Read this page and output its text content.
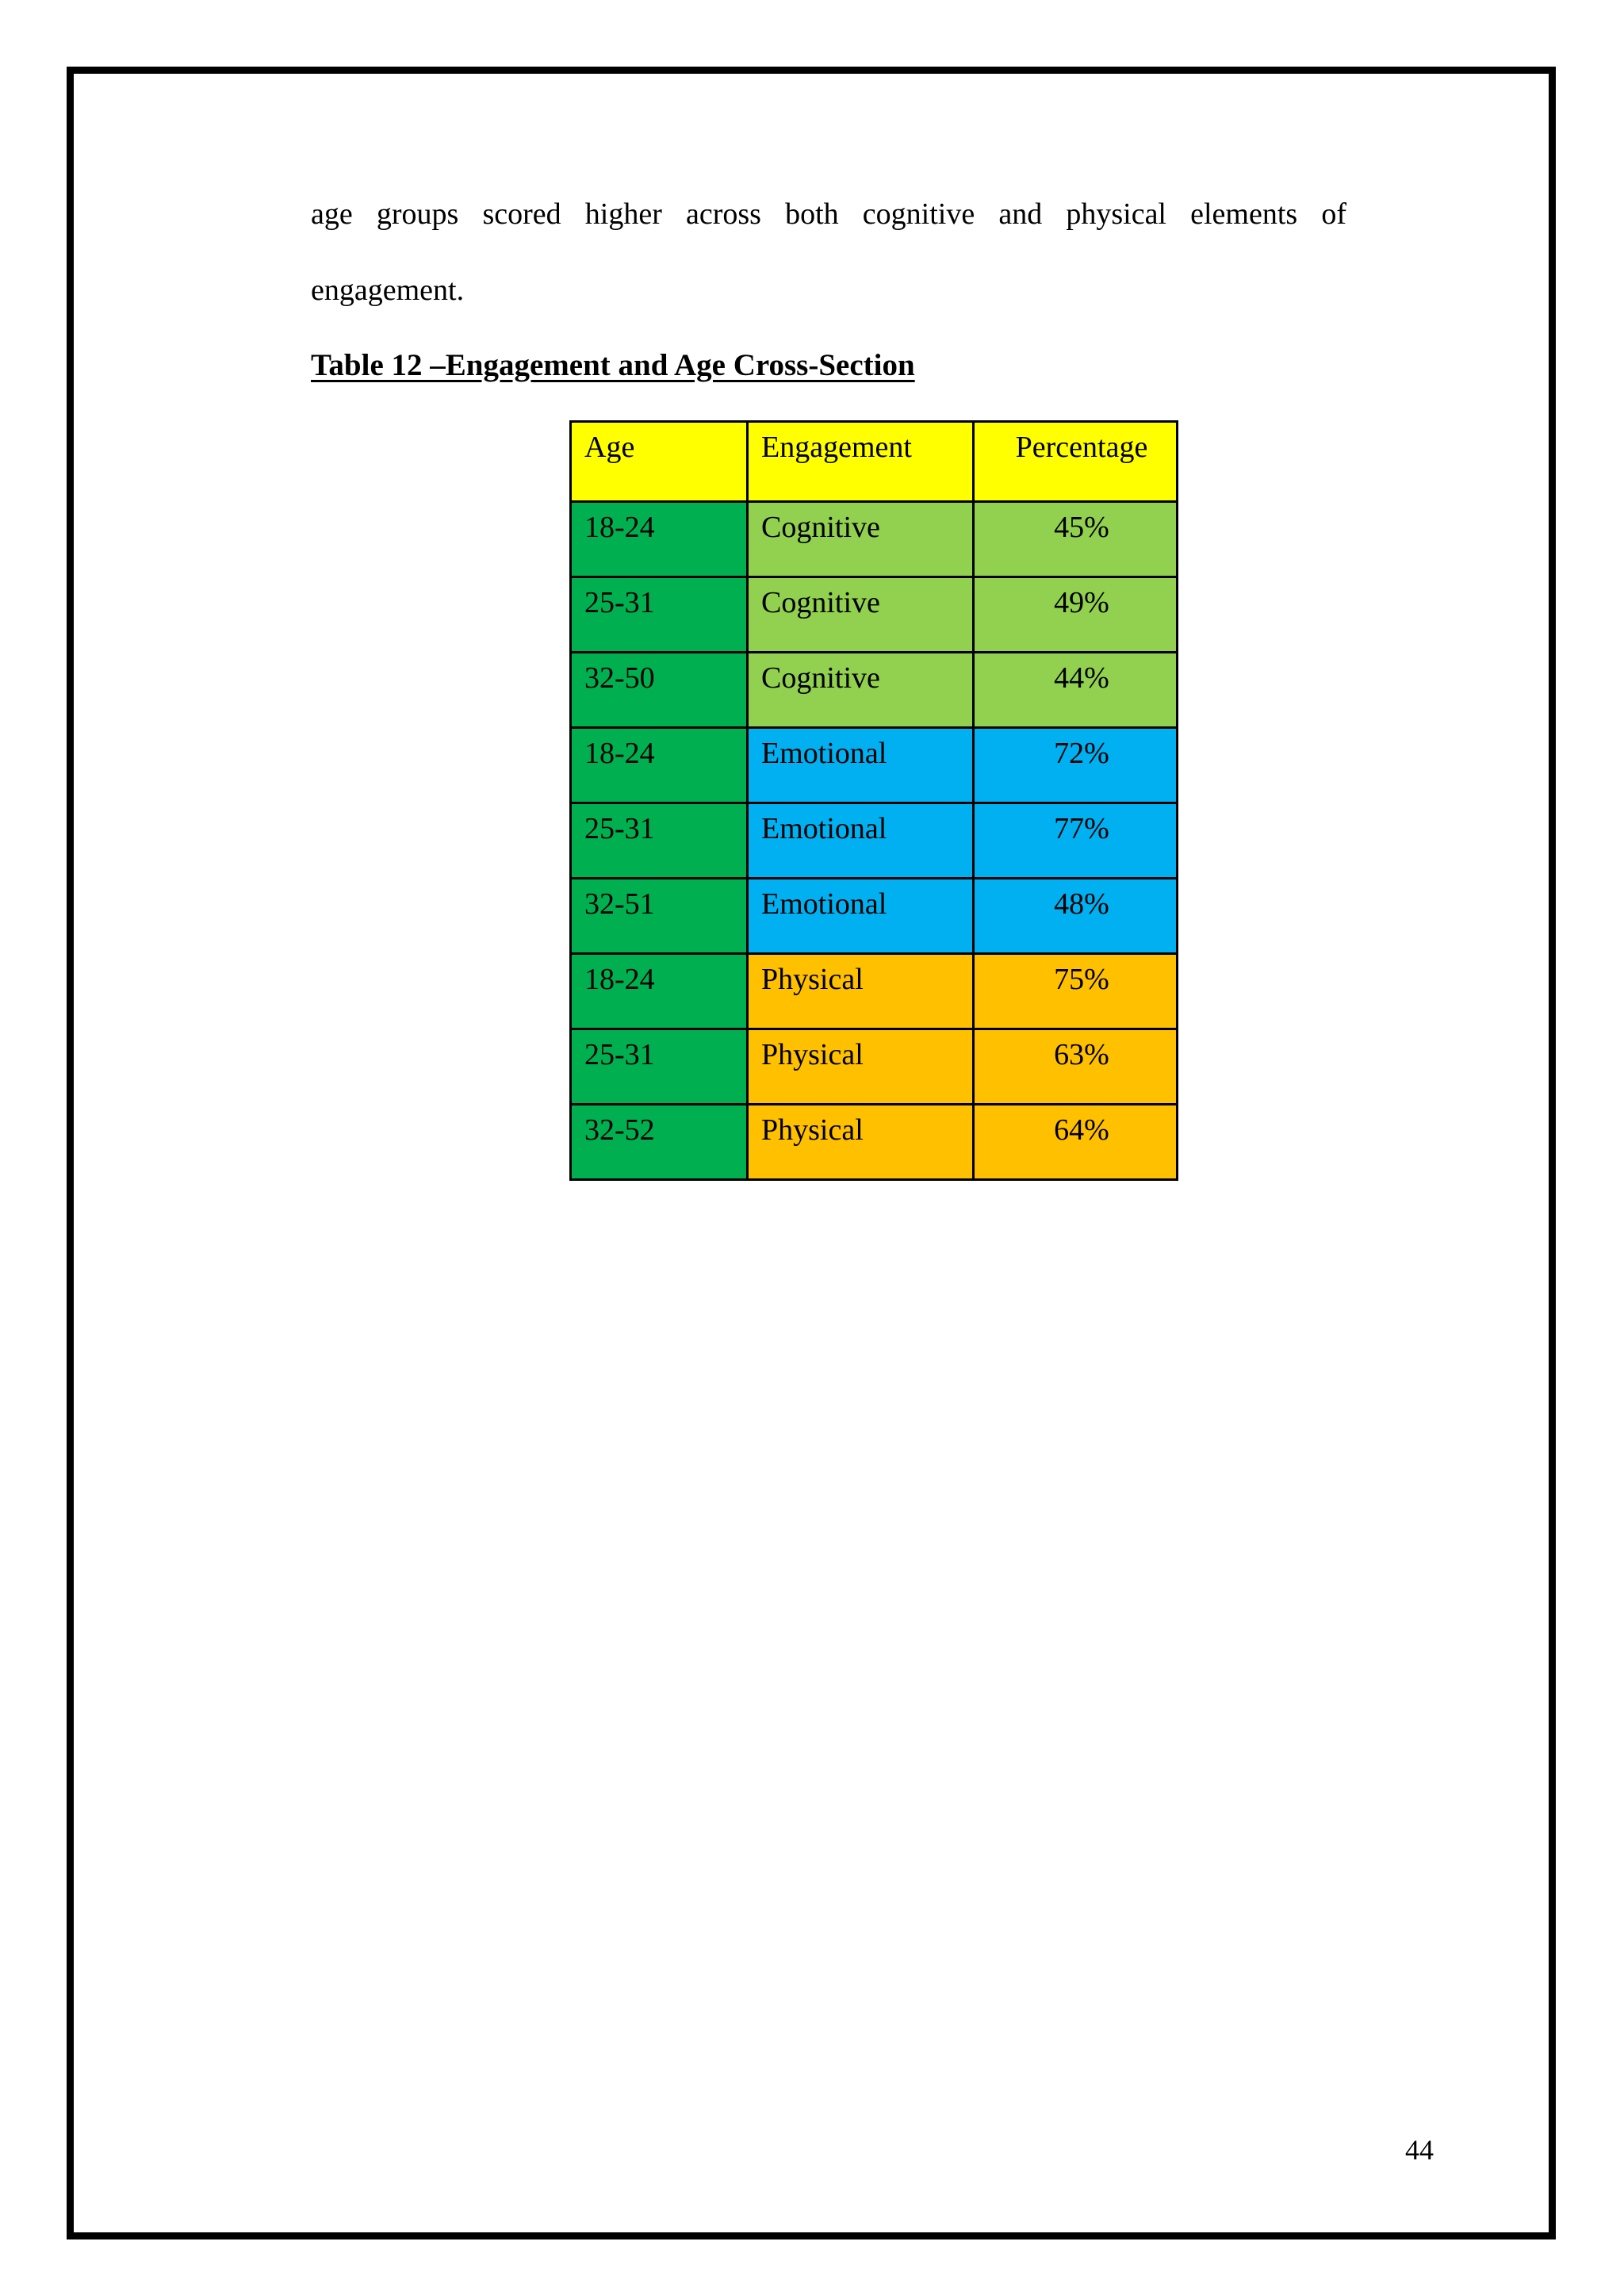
age groups scored higher across both cognitive and physical elements of
engagement.
Table 12 –Engagement and Age Cross-Section
Age	Engagement	Percentage

18-24	Cognitive	45%

25-31	Cognitive	49%

32-50	Cognitive	44%

18-24	Emotional	72%

25-31	Emotional	77%

32-51	Emotional	48%

18-24	Physical	75%

25-31	Physical	63%

32-52	Physical	64%
44
